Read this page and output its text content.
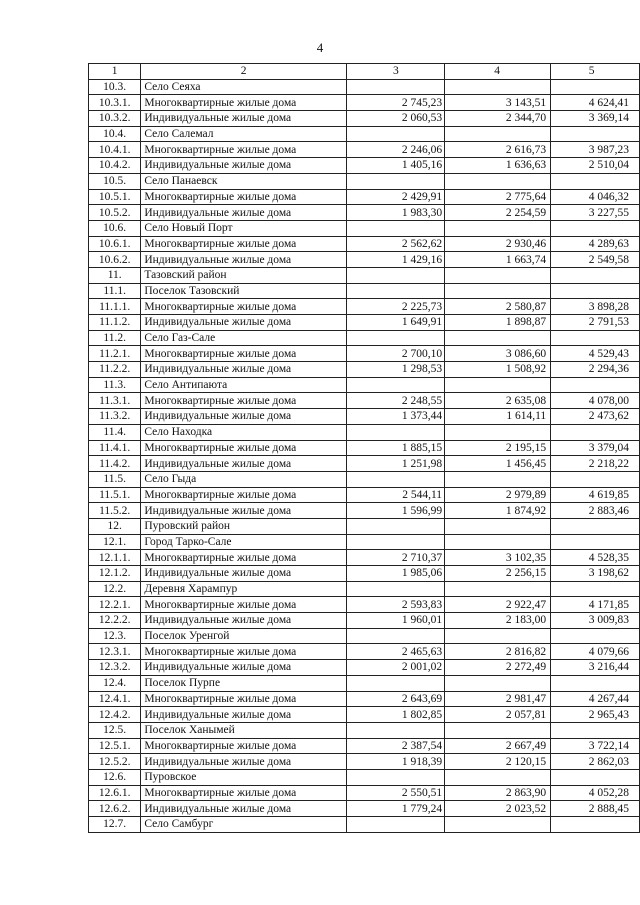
4
1	2	3	4	5
10.3.	Село Сеяха			
10.3.1.	Многоквартирные жилые дома	2 745,23	3 143,51	4 624,41
10.3.2.	Индивидуальные жилые дома	2 060,53	2 344,70	3 369,14
10.4.	Село Салемал			
10.4.1.	Многоквартирные жилые дома	2 246,06	2 616,73	3 987,23
10.4.2.	Индивидуальные жилые дома	1 405,16	1 636,63	2 510,04
10.5.	Село Панаевск			
10.5.1.	Многоквартирные жилые дома	2 429,91	2 775,64	4 046,32
10.5.2.	Индивидуальные жилые дома	1 983,30	2 254,59	3 227,55
10.6.	Село Новый Порт			
10.6.1.	Многоквартирные жилые дома	2 562,62	2 930,46	4 289,63
10.6.2.	Индивидуальные жилые дома	1 429,16	1 663,74	2 549,58
11.	Тазовский район			
11.1.	Поселок Тазовский			
11.1.1.	Многоквартирные жилые дома	2 225,73	2 580,87	3 898,28
11.1.2.	Индивидуальные жилые дома	1 649,91	1 898,87	2 791,53
11.2.	Село Газ-Сале			
11.2.1.	Многоквартирные жилые дома	2 700,10	3 086,60	4 529,43
11.2.2.	Индивидуальные жилые дома	1 298,53	1 508,92	2 294,36
11.3.	Село Антипаюта			
11.3.1.	Многоквартирные жилые дома	2 248,55	2 635,08	4 078,00
11.3.2.	Индивидуальные жилые дома	1 373,44	1 614,11	2 473,62
11.4.	Село Находка			
11.4.1.	Многоквартирные жилые дома	1 885,15	2 195,15	3 379,04
11.4.2.	Индивидуальные жилые дома	1 251,98	1 456,45	2 218,22
11.5.	Село Гыда			
11.5.1.	Многоквартирные жилые дома	2 544,11	2 979,89	4 619,85
11.5.2.	Индивидуальные жилые дома	1 596,99	1 874,92	2 883,46
12.	Пуровский район			
12.1.	Город Тарко-Сале			
12.1.1.	Многоквартирные жилые дома	2 710,37	3 102,35	4 528,35
12.1.2.	Индивидуальные жилые дома	1 985,06	2 256,15	3 198,62
12.2.	Деревня Харампур			
12.2.1.	Многоквартирные жилые дома	2 593,83	2 922,47	4 171,85
12.2.2.	Индивидуальные жилые дома	1 960,01	2 183,00	3 009,83
12.3.	Поселок Уренгой			
12.3.1.	Многоквартирные жилые дома	2 465,63	2 816,82	4 079,66
12.3.2.	Индивидуальные жилые дома	2 001,02	2 272,49	3 216,44
12.4.	Поселок Пурпе			
12.4.1.	Многоквартирные жилые дома	2 643,69	2 981,47	4 267,44
12.4.2.	Индивидуальные жилые дома	1 802,85	2 057,81	2 965,43
12.5.	Поселок Ханымей			
12.5.1.	Многоквартирные жилые дома	2 387,54	2 667,49	3 722,14
12.5.2.	Индивидуальные жилые дома	1 918,39	2 120,15	2 862,03
12.6.	Пуровское			
12.6.1.	Многоквартирные жилые дома	2 550,51	2 863,90	4 052,28
12.6.2.	Индивидуальные жилые дома	1 779,24	2 023,52	2 888,45
12.7.	Село Самбург			
